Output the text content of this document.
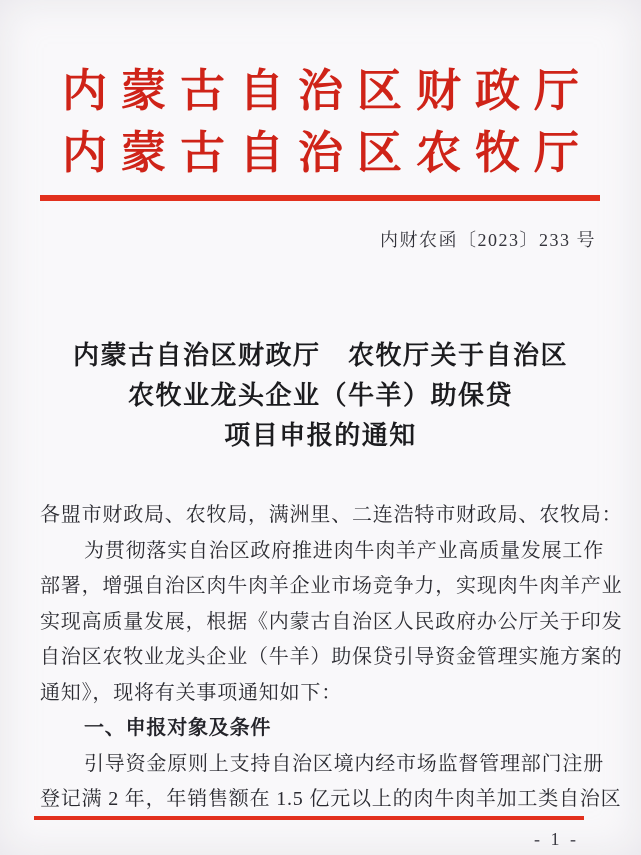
内蒙古自治区财政厅
内蒙古自治区农牧厅
内财农函〔2023〕233 号
内蒙古自治区财政厅　农牧厅关于自治区
农牧业龙头企业（牛羊）助保贷
项目申报的通知
各盟市财政局、农牧局，满洲里、二连浩特市财政局、农牧局：
为贯彻落实自治区政府推进肉牛肉羊产业高质量发展工作
部署，增强自治区肉牛肉羊企业市场竞争力，实现肉牛肉羊产业
实现高质量发展，根据《内蒙古自治区人民政府办公厅关于印发
自治区农牧业龙头企业（牛羊）助保贷引导资金管理实施方案的
通知》，现将有关事项通知如下：
一、申报对象及条件
引导资金原则上支持自治区境内经市场监督管理部门注册
登记满 2 年，年销售额在 1.5 亿元以上的肉牛肉羊加工类自治区
- 1 -
